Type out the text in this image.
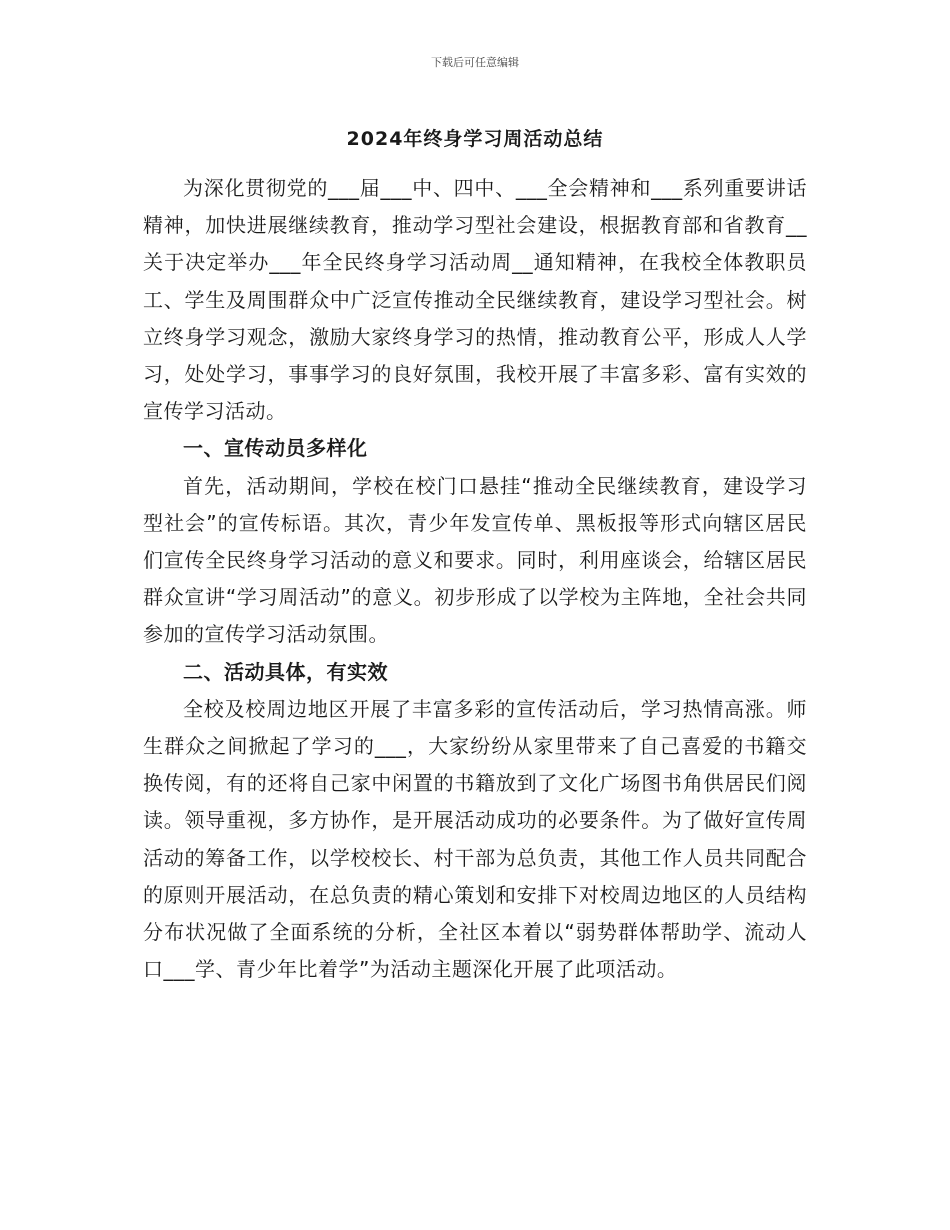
下载后可任意编辑
2024年终身学习周活动总结

为深化贯彻党的___届___中、四中、___全会精神和___系列重要讲话精神，加快进展继续教育，推动学习型社会建设，根据教育部和省教育__关于决定举办___年全民终身学习活动周__通知精神，在我校全体教职员工、学生及周围群众中广泛宣传推动全民继续教育，建设学习型社会。树立终身学习观念，激励大家终身学习的热情，推动教育公平，形成人人学习，处处学习，事事学习的良好氛围，我校开展了丰富多彩、富有实效的宣传学习活动。

一、宣传动员多样化

首先，活动期间，学校在校门口悬挂“推动全民继续教育，建设学习型社会”的宣传标语。其次，青少年发宣传单、黑板报等形式向辖区居民们宣传全民终身学习活动的意义和要求。同时，利用座谈会，给辖区居民群众宣讲“学习周活动”的意义。初步形成了以学校为主阵地，全社会共同参加的宣传学习活动氛围。

二、活动具体，有实效

全校及校周边地区开展了丰富多彩的宣传活动后，学习热情高涨。师生群众之间掀起了学习的___，大家纷纷从家里带来了自己喜爱的书籍交换传阅，有的还将自己家中闲置的书籍放到了文化广场图书角供居民们阅读。领导重视，多方协作，是开展活动成功的必要条件。为了做好宣传周活动的筹备工作，以学校校长、村干部为总负责，其他工作人员共同配合的原则开展活动，在总负责的精心策划和安排下对校周边地区的人员结构分布状况做了全面系统的分析，全社区本着以“弱势群体帮助学、流动人口___学、青少年比着学”为活动主题深化开展了此项活动。
